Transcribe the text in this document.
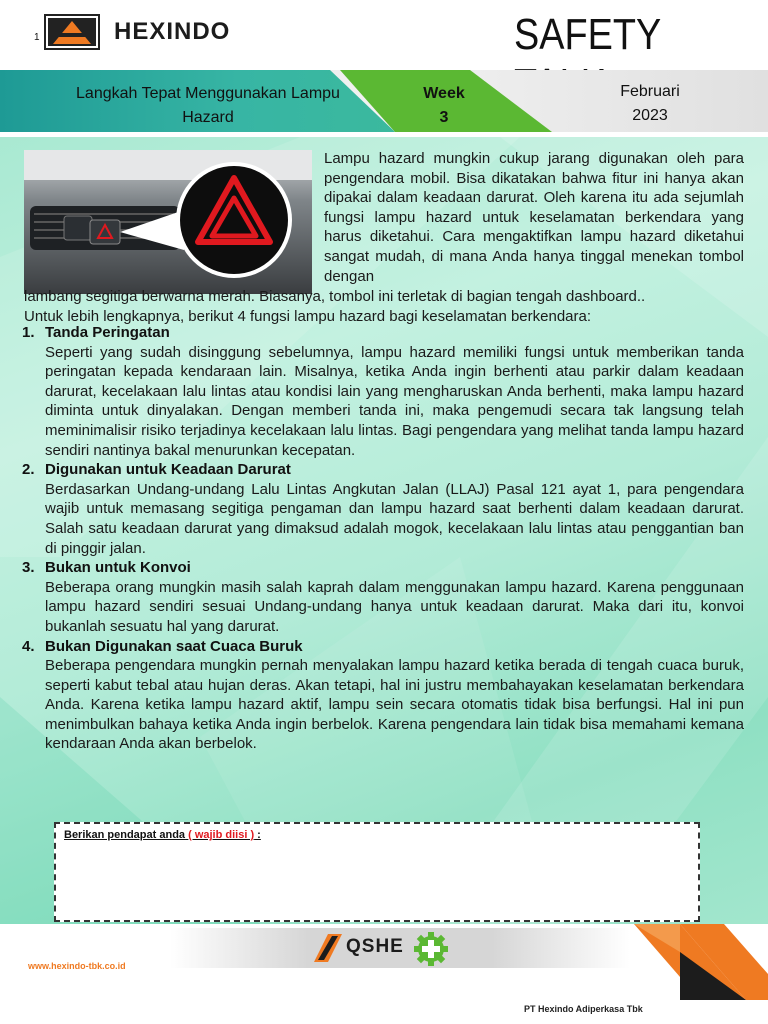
1	HEXINDO	SAFETY
Langkah Tepat Menggunakan Lampu
Hazard
Week
3
Februari
2023
Lampu hazard mungkin cukup jarang digunakan oleh para pengendara mobil. Bisa dikatakan bahwa fitur ini hanya akan dipakai dalam keadaan darurat. Oleh karena itu ada sejumlah fungsi lampu hazard untuk keselamatan berkendara yang harus diketahui. Cara mengaktifkan lampu hazard diketahui sangat mudah, di mana Anda hanya tinggal menekan tombol dengan
lambang segitiga berwarna merah. Biasanya, tombol ini terletak di bagian tengah dashboard..
Untuk lebih lengkapnya, berikut 4 fungsi lampu hazard bagi keselamatan berkendara:
1. Tanda Peringatan

Seperti yang sudah disinggung sebelumnya, lampu hazard memiliki fungsi untuk memberikan tanda peringatan kepada kendaraan lain. Misalnya, ketika Anda ingin berhenti atau parkir dalam keadaan darurat, kecelakaan lalu lintas atau kondisi lain yang mengharuskan Anda berhenti, maka lampu hazard diminta untuk dinyalakan. Dengan memberi tanda ini, maka pengemudi secara tak langsung telah meminimalisir risiko terjadinya kecelakaan lalu lintas. Bagi pengendara yang melihat tanda lampu hazard sendiri nantinya bakal menurunkan kecepatan.

2. Digunakan untuk Keadaan Darurat

Berdasarkan Undang-undang Lalu Lintas Angkutan Jalan (LLAJ) Pasal 121 ayat 1, para pengendara wajib untuk memasang segitiga pengaman dan lampu hazard saat berhenti dalam keadaan darurat. Salah satu keadaan darurat yang dimaksud adalah mogok, kecelakaan lalu lintas atau penggantian ban di pinggir jalan.

3. Bukan untuk Konvoi

Beberapa orang mungkin masih salah kaprah dalam menggunakan lampu hazard. Karena penggunaan lampu hazard sendiri sesuai Undang-undang hanya untuk keadaan darurat. Maka dari itu, konvoi bukanlah sesuatu hal yang darurat.

4. Bukan Digunakan saat Cuaca Buruk

Beberapa pengendara mungkin pernah menyalakan lampu hazard ketika berada di tengah cuaca buruk, seperti kabut tebal atau hujan deras. Akan tetapi, hal ini justru membahayakan keselamatan berkendara Anda. Karena ketika lampu hazard aktif, lampu sein secara otomatis tidak bisa berfungsi. Hal ini pun menimbulkan bahaya ketika Anda ingin berbelok. Karena pengendara lain tidak bisa memahami kemana kendaraan Anda akan berbelok.

Berikan pendapat anda ( wajib diisi ) :
QSHE
www.hexindo-tbk.co.id
PT Hexindo Adiperkasa Tbk
